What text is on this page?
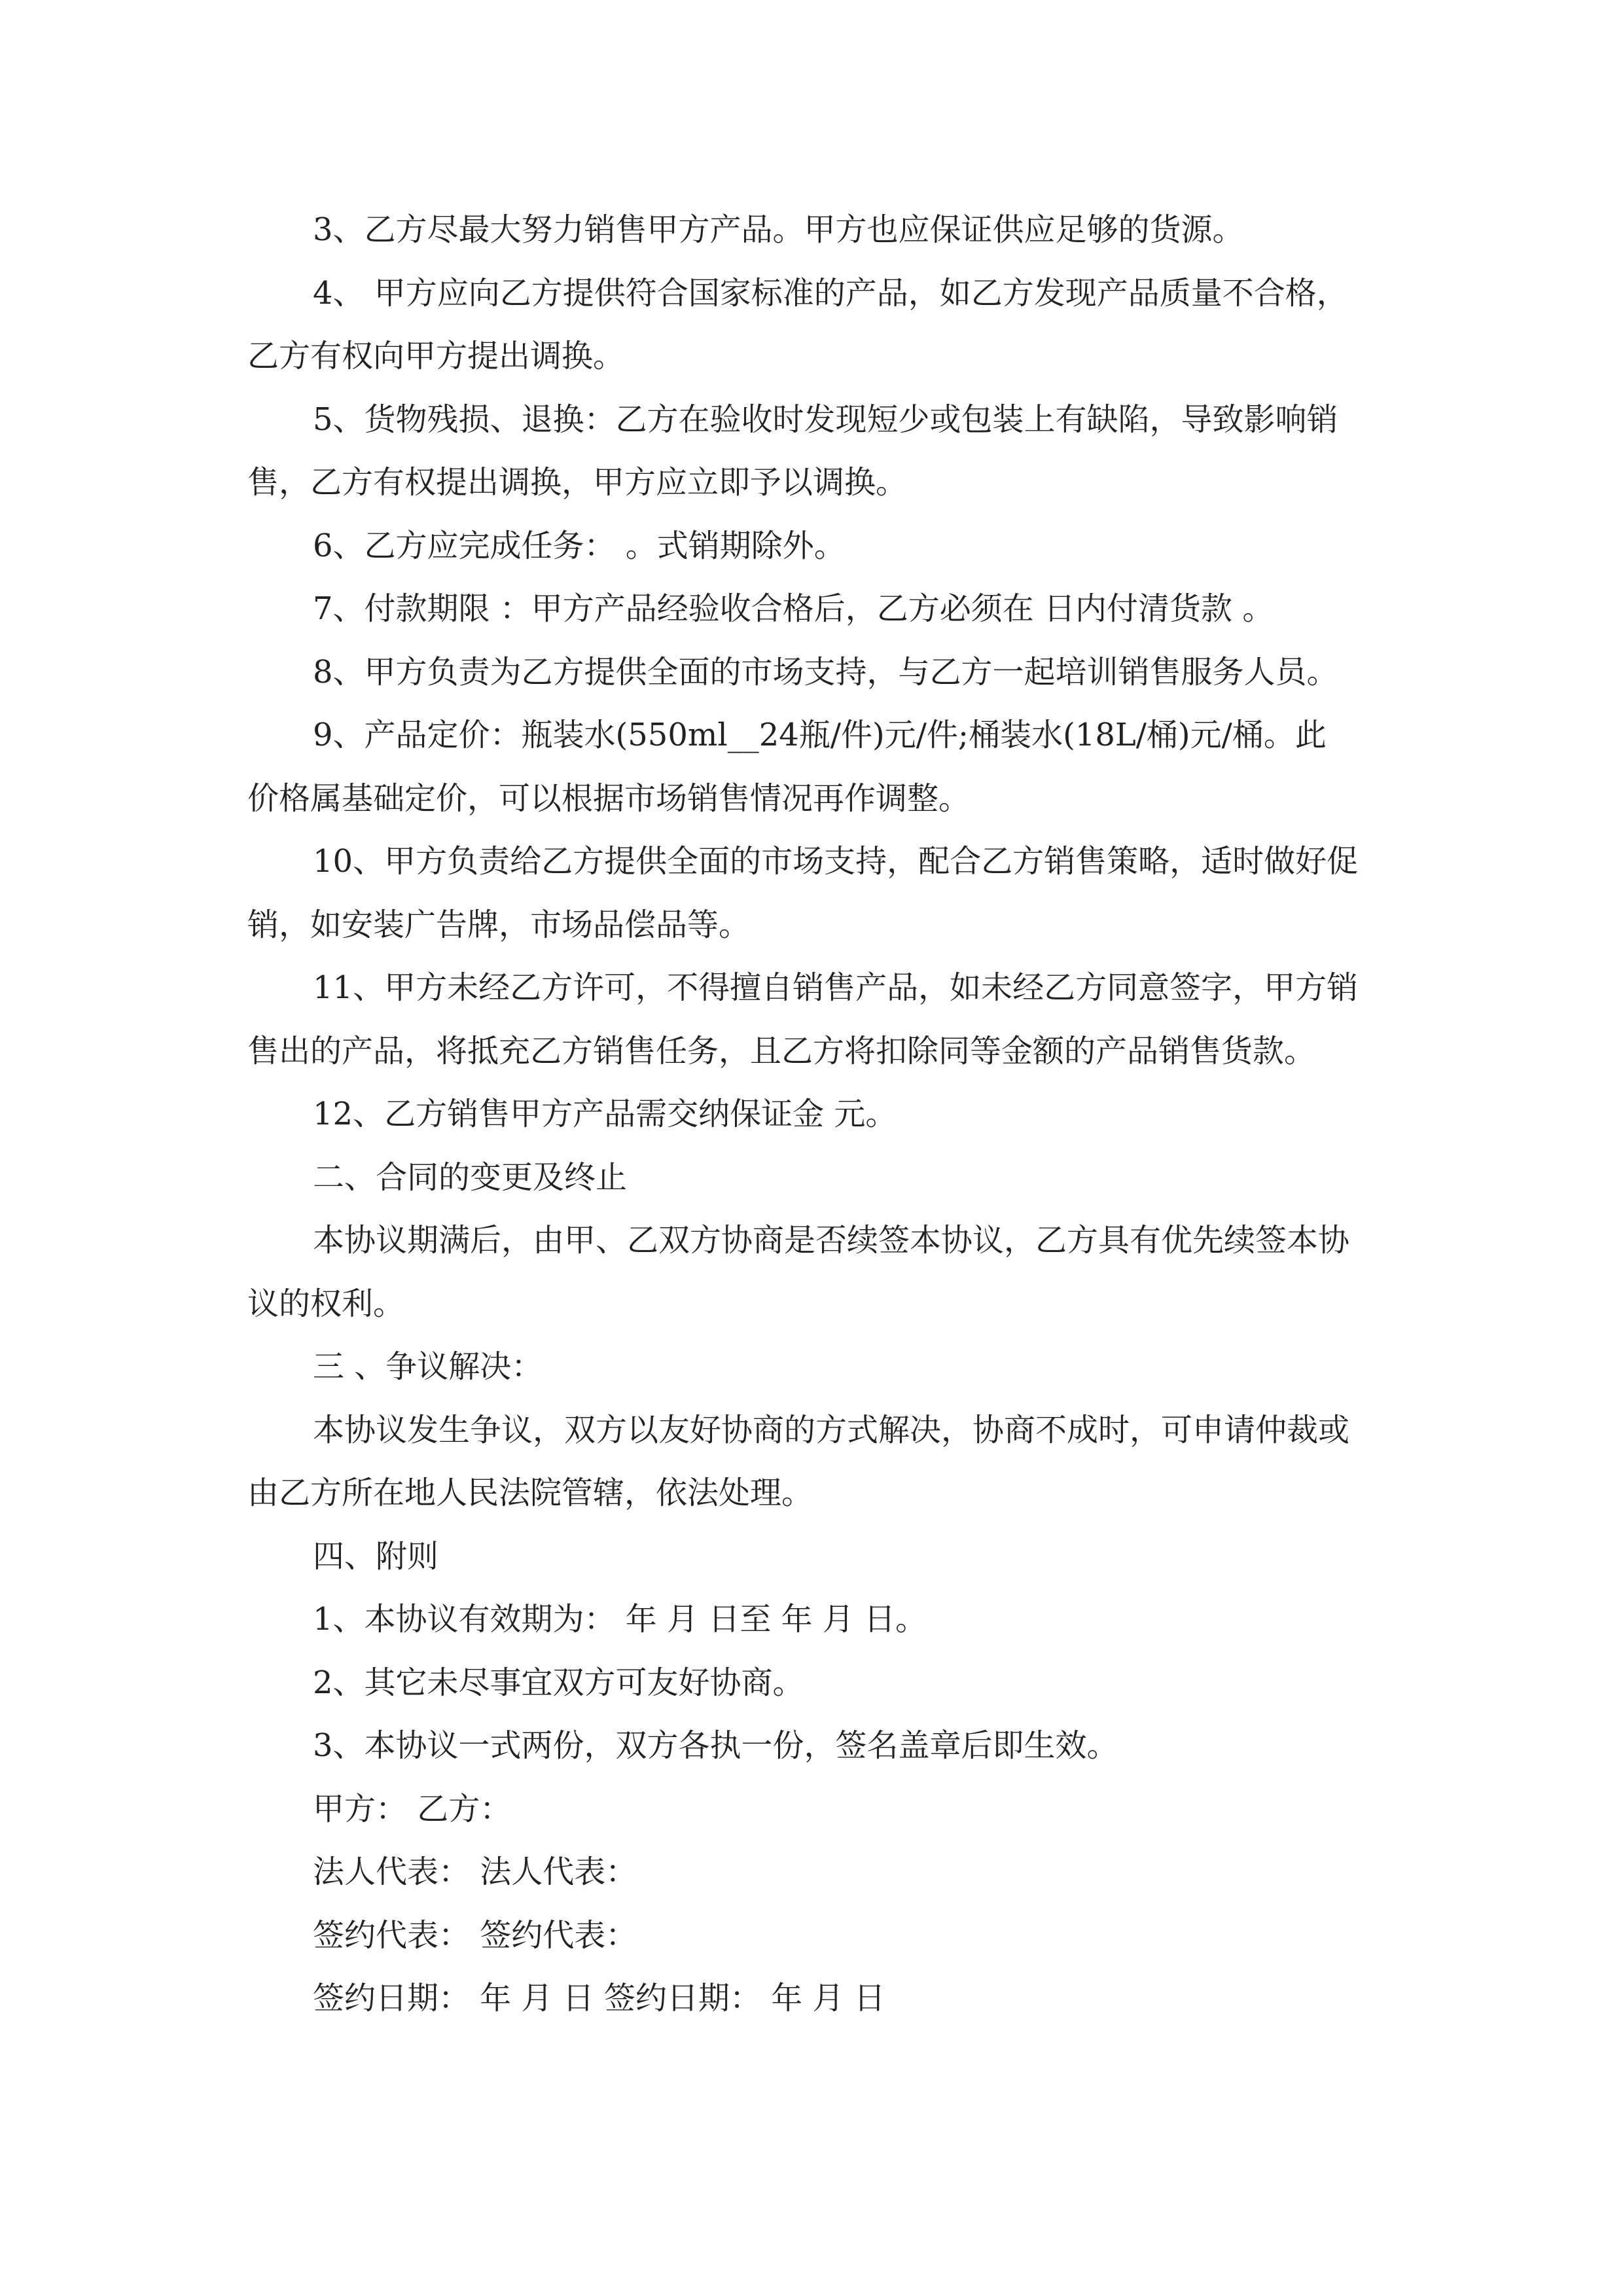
3、乙方尽最大努力销售甲方产品。甲方也应保证供应足够的货源。
4、 甲方应向乙方提供符合国家标准的产品，如乙方发现产品质量不合格，
乙方有权向甲方提出调换。
5、货物残损、退换：乙方在验收时发现短少或包装上有缺陷，导致影响销
售，乙方有权提出调换，甲方应立即予以调换。
6、乙方应完成任务： 。式销期除外。
7、付款期限 ：甲方产品经验收合格后，乙方必须在 日内付清货款 。
8、甲方负责为乙方提供全面的市场支持，与乙方一起培训销售服务人员。
9、产品定价：瓶装水(550ml__24瓶/件)元/件;桶装水(18L/桶)元/桶。此
价格属基础定价，可以根据市场销售情况再作调整。
10、甲方负责给乙方提供全面的市场支持，配合乙方销售策略，适时做好促
销，如安装广告牌，市场品偿品等。
11、甲方未经乙方许可，不得擅自销售产品，如未经乙方同意签字，甲方销
售出的产品，将抵充乙方销售任务，且乙方将扣除同等金额的产品销售货款。
12、乙方销售甲方产品需交纳保证金 元。
二、合同的变更及终止
本协议期满后，由甲、乙双方协商是否续签本协议，乙方具有优先续签本协
议的权利。
三 、争议解决：
本协议发生争议，双方以友好协商的方式解决，协商不成时，可申请仲裁或
由乙方所在地人民法院管辖，依法处理。
四、附则
1、本协议有效期为： 年 月 日至 年 月 日。
2、其它未尽事宜双方可友好协商。
3、本协议一式两份，双方各执一份，签名盖章后即生效。
甲方： 乙方：
法人代表： 法人代表：
签约代表： 签约代表：
签约日期： 年 月 日 签约日期： 年 月 日
